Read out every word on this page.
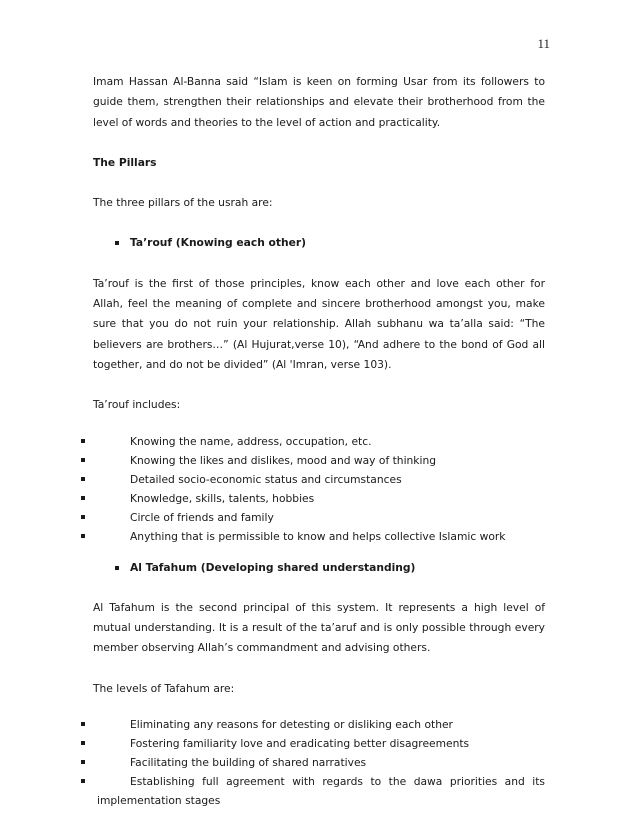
11

Imam Hassan Al-Banna said “Islam is keen on forming Usar from its followers to guide them, strengthen their relationships and elevate their brotherhood from the level of words and theories to the level of action and practicality.

The Pillars

The three pillars of the usrah are:

Ta’rouf (Knowing each other)

Ta’rouf is the first of those principles, know each other and love each other for Allah, feel the meaning of complete and sincere brotherhood amongst you, make sure that you do not ruin your relationship. Allah subhanu wa ta’alla said: “The believers are brothers…” (Al Hujurat,verse 10), “And adhere to the bond of God all together, and do not be divided” (Al 'Imran, verse 103).

Ta’rouf includes:

Knowing the name, address, occupation, etc.
Knowing the likes and dislikes, mood and way of thinking
Detailed socio-economic status and circumstances
Knowledge, skills, talents, hobbies
Circle of friends and family
Anything that is permissible to know and helps collective Islamic work

Al Tafahum (Developing shared understanding)

Al Tafahum is the second principal of this system. It represents a high level of mutual understanding. It is a result of the ta’aruf and is only possible through every member observing Allah’s commandment and advising others.

The levels of Tafahum are:

Eliminating any reasons for detesting or disliking each other
Fostering familiarity love and eradicating better disagreements
Facilitating the building of shared narratives
Establishing full agreement with regards to the dawa priorities and its
implementation stages
